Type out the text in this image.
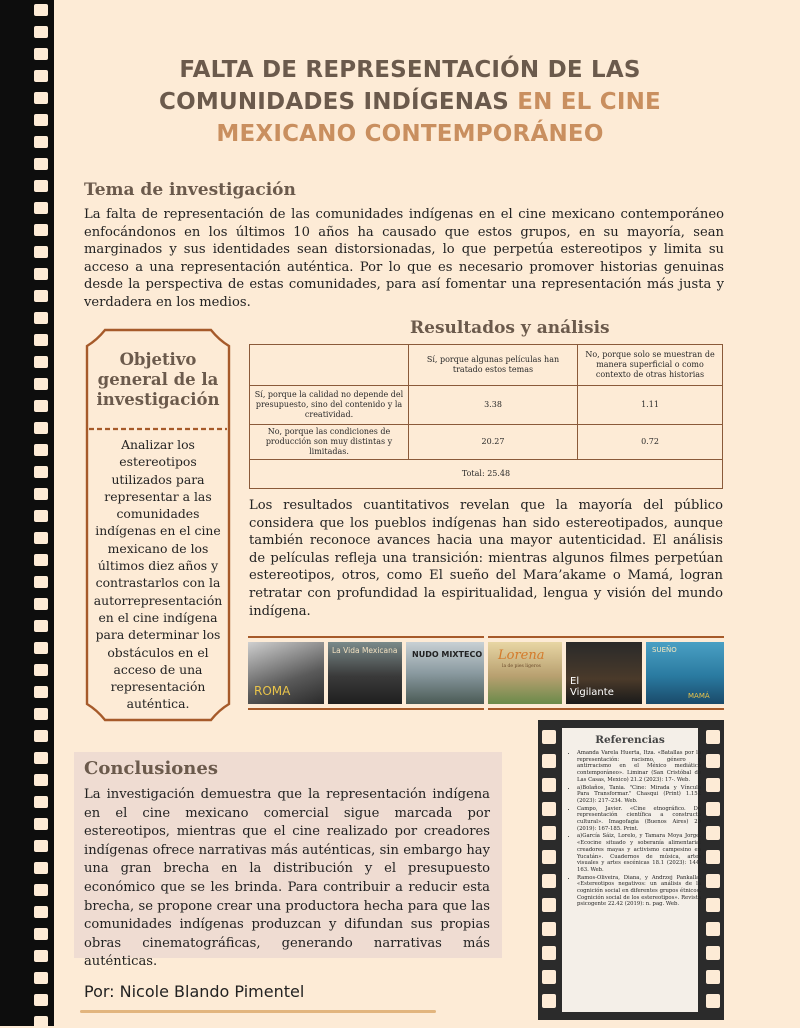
FALTA DE REPRESENTACIÓN DE LAS
COMUNIDADES INDÍGENAS EN EL CINE
MEXICANO CONTEMPORÁNEO
Tema de investigación
La falta de representación de las comunidades indígenas en el cine mexicano contemporáneo enfocándonos en los últimos 10 años ha causado que estos grupos, en su mayoría, sean marginados y sus identidades sean distorsionadas, lo que perpetúa estereotipos y limita su acceso a una representación auténtica. Por lo que es necesario promover historias genuinas desde la perspectiva de estas comunidades, para así fomentar una representación más justa y verdadera en los medios.
Objetivo general de la investigación
Analizar los estereotipos utilizados para representar a las comunidades indígenas en el cine mexicano de los últimos diez años y contrastarlos con la autorrepresentación en el cine indígena para determinar los obstáculos en el acceso de una representación auténtica.
Resultados y análisis
	Sí, porque algunas películas han tratado estos temas	No, porque solo se muestran de manera superficial o como contexto de otras historias
Sí, porque la calidad no depende del presupuesto, sino del contenido y la creatividad.	3.38	1.11
No, porque las condiciones de producción son muy distintas y limitadas.	20.27	0.72
Total: 25.48		
Los resultados cuantitativos revelan que la mayoría del público considera que los pueblos indígenas han sido estereotipados, aunque también reconoce avances hacia una mayor autenticidad. El análisis de películas refleja una transición: mientras algunos filmes perpetúan estereotipos, otros, como El sueño del Mara’akame o Mamá, logran retratar con profundidad la espiritualidad, lengua y visión del mundo indígena.
ROMA
La Vida Mexicana NUDO MIXTECO Lorena
la de pies ligeros
El Vigilante
SUEÑO
MAMÁ
Conclusiones
La investigación demuestra que la representación indígena en el cine mexicano comercial sigue marcada por estereotipos, mientras que el cine realizado por creadores indígenas ofrece narrativas más auténticas, sin embargo hay una gran brecha en la distribución y el presupuesto económico que se les brinda. Para contribuir a reducir esta brecha, se propone crear una productora hecha para que las comunidades indígenas produzcan y difundan sus propias obras cinematográficas, generando narrativas más auténticas.
Referencias
• Amanda Varela Huerta, Itza. «Batallas por la representación: racismo, género y antirracismo en el México mediático contemporáneo». Liminar (San Cristóbal de Las Casas, Mexico) 21.2 (2023): 17-. Web.
• a)Bolaños, Tania. "Cine: Mirada y Vínculo Para Transformar." Chasqui (Print) 1.152 (2023): 217–234. Web.
• Campo, Javier. «Cine etnográfico. De representación científica a constructo cultural». Imagofagia (Buenos Aires) 20 (2019): 167-185. Print.
• a)García Sáiz, Lorelo, y Tamara Moya Jorge. «Ecocine situado y soberanía alimentaria: creadores mayas y activismo campesino en Yucatán». Cuadernos de música, artes visuales y artes escénicas 18.1 (2023): 144-163. Web.
• Ramos-Oliveira, Diana, y Andrzej Pankalla. «Estereotipos negativos: un análisis de la cognición social en diferentes grupos étnicos. Cognición social de los estereotipos». Revista psicogente 22.42 (2019): n. pag. Web.
Por: Nicole Blando Pimentel
